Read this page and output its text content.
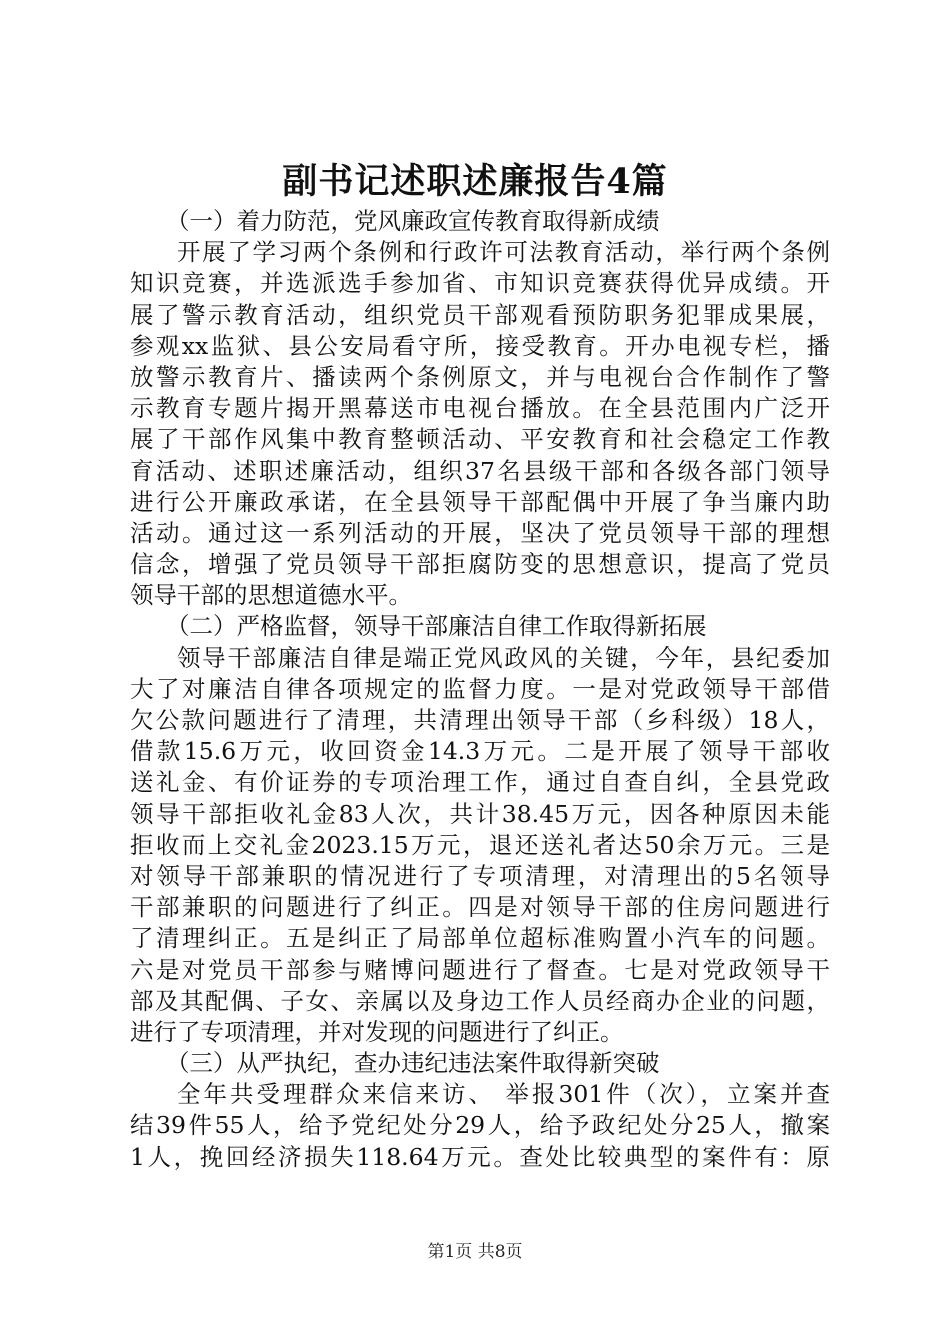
副书记述职述廉报告4篇
（一）着力防范，党风廉政宣传教育取得新成绩
开展了学习两个条例和行政许可法教育活动，举行两个条例
知识竞赛，并选派选手参加省、市知识竞赛获得优异成绩。开
展了警示教育活动，组织党员干部观看预防职务犯罪成果展，
参观xx监狱、县公安局看守所，接受教育。开办电视专栏，播
放警示教育片、播读两个条例原文，并与电视台合作制作了警
示教育专题片揭开黑幕送市电视台播放。在全县范围内广泛开
展了干部作风集中教育整顿活动、平安教育和社会稳定工作教
育活动、述职述廉活动，组织37名县级干部和各级各部门领导
进行公开廉政承诺，在全县领导干部配偶中开展了争当廉内助
活动。通过这一系列活动的开展，坚决了党员领导干部的理想
信念，增强了党员领导干部拒腐防变的思想意识，提高了党员
领导干部的思想道德水平。
（二）严格监督，领导干部廉洁自律工作取得新拓展
领导干部廉洁自律是端正党风政风的关键，今年，县纪委加
大了对廉洁自律各项规定的监督力度。一是对党政领导干部借
欠公款问题进行了清理，共清理出领导干部（乡科级）18人，
借款15.6万元，收回资金14.3万元。二是开展了领导干部收
送礼金、有价证券的专项治理工作，通过自查自纠，全县党政
领导干部拒收礼金83人次，共计38.45万元，因各种原因未能
拒收而上交礼金2023.15万元，退还送礼者达50余万元。三是
对领导干部兼职的情况进行了专项清理，对清理出的5名领导
干部兼职的问题进行了纠正。四是对领导干部的住房问题进行
了清理纠正。五是纠正了局部单位超标准购置小汽车的问题。
六是对党员干部参与赌博问题进行了督查。七是对党政领导干
部及其配偶、子女、亲属以及身边工作人员经商办企业的问题，
进行了专项清理，并对发现的问题进行了纠正。
（三）从严执纪，查办违纪违法案件取得新突破
全年共受理群众来信来访、 举报301件（次），立案并查
结39件55人，给予党纪处分29人，给予政纪处分25人，撤案
1人，挽回经济损失118.64万元。查处比较典型的案件有：原
第1页 共8页
